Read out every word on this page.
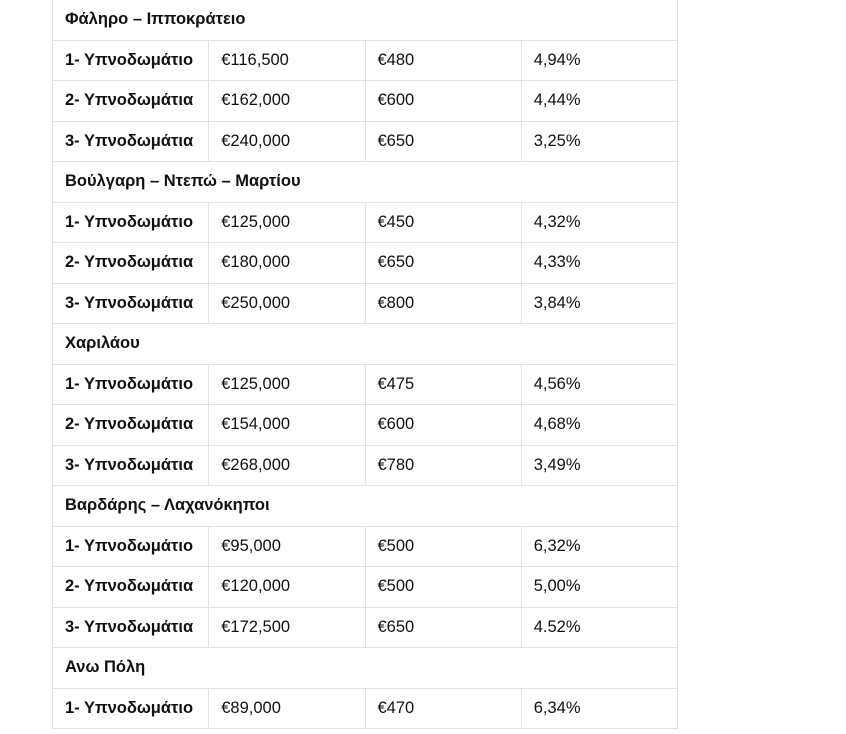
Φάληρο – Ιπποκράτειο			
1- Υπνοδωμάτιο	€116,500	€480	4,94%
2- Υπνοδωμάτια	€162,000	€600	4,44%
3- Υπνοδωμάτια	€240,000	€650	3,25%
Βούλγαρη – Ντεπώ – Μαρτίου			
1- Υπνοδωμάτιο	€125,000	€450	4,32%
2- Υπνοδωμάτια	€180,000	€650	4,33%
3- Υπνοδωμάτια	€250,000	€800	3,84%
Χαριλάου			
1- Υπνοδωμάτιο	€125,000	€475	4,56%
2- Υπνοδωμάτια	€154,000	€600	4,68%
3- Υπνοδωμάτια	€268,000	€780	3,49%
Βαρδάρης – Λαχανόκηποι			
1- Υπνοδωμάτιο	€95,000	€500	6,32%
2- Υπνοδωμάτια	€120,000	€500	5,00%
3- Υπνοδωμάτια	€172,500	€650	4.52%
Ανω Πόλη			
1- Υπνοδωμάτιο	€89,000	€470	6,34%
